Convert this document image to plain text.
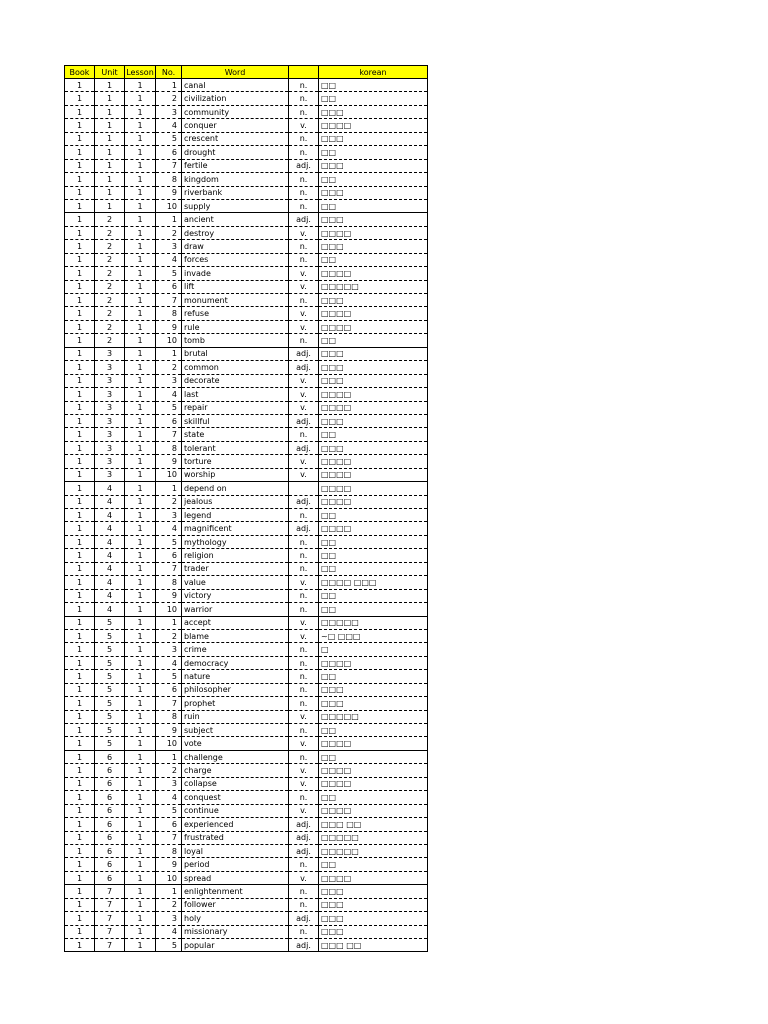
Book	Unit	Lesson	No.	Word		korean
1	1	1	1	canal	n.	□□
1	1	1	2	civilization	n.	□□
1	1	1	3	community	n.	□□□
1	1	1	4	conquer	v.	□□□□
1	1	1	5	crescent	n.	□□□
1	1	1	6	drought	n.	□□
1	1	1	7	fertile	adj.	□□□
1	1	1	8	kingdom	n.	□□
1	1	1	9	riverbank	n.	□□□
1	1	1	10	supply	n.	□□
1	2	1	1	ancient	adj.	□□□
1	2	1	2	destroy	v.	□□□□
1	2	1	3	draw	n.	□□□
1	2	1	4	forces	n.	□□
1	2	1	5	invade	v.	□□□□
1	2	1	6	lift	v.	□□□□□
1	2	1	7	monument	n.	□□□
1	2	1	8	refuse	v.	□□□□
1	2	1	9	rule	v.	□□□□
1	2	1	10	tomb	n.	□□
1	3	1	1	brutal	adj.	□□□
1	3	1	2	common	adj.	□□□
1	3	1	3	decorate	v.	□□□
1	3	1	4	last	v.	□□□□
1	3	1	5	repair	v.	□□□□
1	3	1	6	skillful	adj.	□□□
1	3	1	7	state	n.	□□
1	3	1	8	tolerant	adj.	□□□
1	3	1	9	torture	v.	□□□□
1	3	1	10	worship	v.	□□□□
1	4	1	1	depend on		□□□□
1	4	1	2	jealous	adj.	□□□□
1	4	1	3	legend	n.	□□
1	4	1	4	magnificent	adj.	□□□□
1	4	1	5	mythology	n.	□□
1	4	1	6	religion	n.	□□
1	4	1	7	trader	n.	□□
1	4	1	8	value	v.	□□□□ □□□
1	4	1	9	victory	n.	□□
1	4	1	10	warrior	n.	□□
1	5	1	1	accept	v.	□□□□□
1	5	1	2	blame	v.	~□ □□□
1	5	1	3	crime	n.	□
1	5	1	4	democracy	n.	□□□□
1	5	1	5	nature	n.	□□
1	5	1	6	philosopher	n.	□□□
1	5	1	7	prophet	n.	□□□
1	5	1	8	ruin	v.	□□□□□
1	5	1	9	subject	n.	□□
1	5	1	10	vote	v.	□□□□
1	6	1	1	challenge	n.	□□
1	6	1	2	charge	v.	□□□□
1	6	1	3	collapse	v.	□□□□
1	6	1	4	conquest	n.	□□
1	6	1	5	continue	v.	□□□□
1	6	1	6	experienced	adj.	□□□ □□
1	6	1	7	frustrated	adj.	□□□□□
1	6	1	8	loyal	adj.	□□□□□
1	6	1	9	period	n.	□□
1	6	1	10	spread	v.	□□□□
1	7	1	1	enlightenment	n.	□□□
1	7	1	2	follower	n.	□□□
1	7	1	3	holy	adj.	□□□
1	7	1	4	missionary	n.	□□□
1	7	1	5	popular	adj.	□□□ □□
